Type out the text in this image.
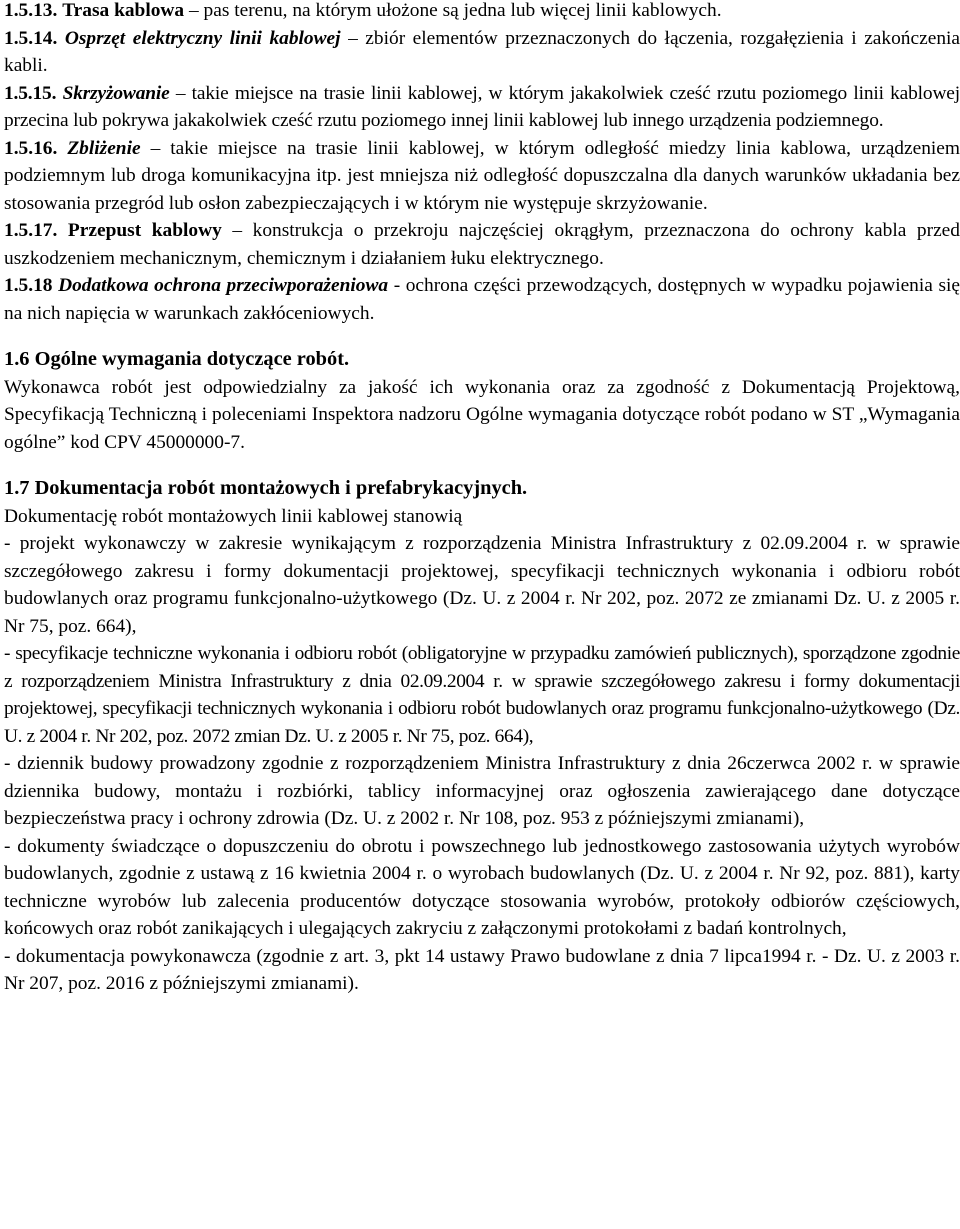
1.5.13. Trasa kablowa – pas terenu, na którym ułożone są jedna lub więcej linii kablowych.

1.5.14. Osprzęt elektryczny linii kablowej – zbiór elementów przeznaczonych do łączenia, rozgałęzienia i zakończenia kabli.

1.5.15. Skrzyżowanie – takie miejsce na trasie linii kablowej, w którym jakakolwiek cześć rzutu poziomego linii kablowej przecina lub pokrywa jakakolwiek cześć rzutu poziomego innej linii kablowej lub innego urządzenia podziemnego.

1.5.16. Zbliżenie – takie miejsce na trasie linii kablowej, w którym odległość miedzy linia kablowa, urządzeniem podziemnym lub droga komunikacyjna itp. jest mniejsza niż odległość dopuszczalna dla danych warunków układania bez stosowania przegród lub osłon zabezpieczających i w którym nie występuje skrzyżowanie.

1.5.17. Przepust kablowy – konstrukcja o przekroju najczęściej okrągłym, przeznaczona do ochrony kabla przed uszkodzeniem mechanicznym, chemicznym i działaniem łuku elektrycznego.

1.5.18 Dodatkowa ochrona przeciwporażeniowa - ochrona części przewodzących, dostępnych w wypadku pojawienia się na nich napięcia w warunkach zakłóceniowych.

1.6 Ogólne wymagania dotyczące robót.

Wykonawca robót jest odpowiedzialny za jakość ich wykonania oraz za zgodność z Dokumentacją Projektową, Specyfikacją Techniczną i poleceniami Inspektora nadzoru Ogólne wymagania dotyczące robót podano w ST „Wymagania ogólne” kod CPV 45000000-7.

1.7 Dokumentacja robót montażowych i prefabrykacyjnych.

Dokumentację robót montażowych linii kablowej stanowią

- projekt wykonawczy w zakresie wynikającym z rozporządzenia Ministra Infrastruktury z 02.09.2004 r. w sprawie szczegółowego zakresu i formy dokumentacji projektowej, specyfikacji technicznych wykonania i odbioru robót budowlanych oraz programu funkcjonalno-użytkowego (Dz. U. z 2004 r. Nr 202, poz. 2072 ze zmianami Dz. U. z 2005 r. Nr 75, poz. 664),

- specyfikacje techniczne wykonania i odbioru robót (obligatoryjne w przypadku zamówień publicznych), sporządzone zgodnie z rozporządzeniem Ministra Infrastruktury z dnia 02.09.2004 r. w sprawie szczegółowego zakresu i formy dokumentacji projektowej, specyfikacji technicznych wykonania i odbioru robót budowlanych oraz programu funkcjonalno-użytkowego (Dz. U. z 2004 r. Nr 202, poz. 2072 zmian Dz. U. z 2005 r. Nr 75, poz. 664),

- dziennik budowy prowadzony zgodnie z rozporządzeniem Ministra Infrastruktury z dnia 26czerwca 2002 r. w sprawie dziennika budowy, montażu i rozbiórki, tablicy informacyjnej oraz ogłoszenia zawierającego dane dotyczące bezpieczeństwa pracy i ochrony zdrowia (Dz. U. z 2002 r. Nr 108, poz. 953 z późniejszymi zmianami),

- dokumenty świadczące o dopuszczeniu do obrotu i powszechnego lub jednostkowego zastosowania użytych wyrobów budowlanych, zgodnie z ustawą z 16 kwietnia 2004 r. o wyrobach budowlanych (Dz. U. z 2004 r. Nr 92, poz. 881), karty techniczne wyrobów lub zalecenia producentów dotyczące stosowania wyrobów, protokoły odbiorów częściowych, końcowych oraz robót zanikających i ulegających zakryciu z załączonymi protokołami z badań kontrolnych,

- dokumentacja powykonawcza (zgodnie z art. 3, pkt 14 ustawy Prawo budowlane z dnia 7 lipca1994 r. - Dz. U. z 2003 r. Nr 207, poz. 2016 z późniejszymi zmianami).
